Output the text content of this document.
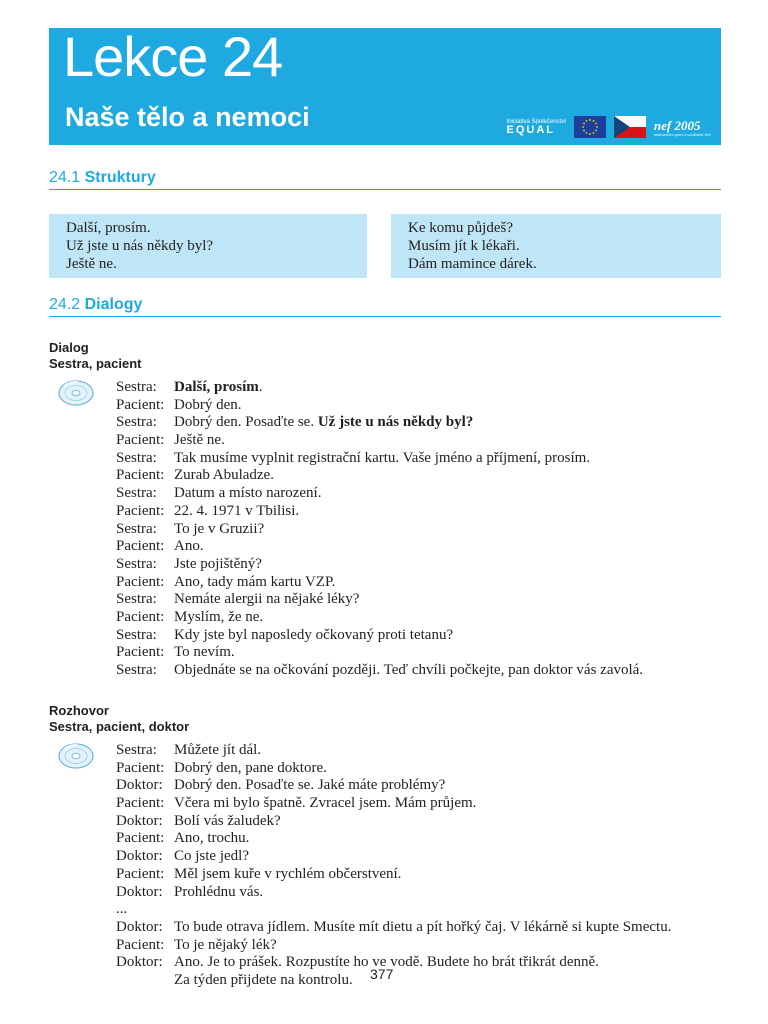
Lekce 24
Naše tělo a nemoci	Iniciativa Společenství
EQUAL	nef 2005
ministerstvo práce a sociálních věcí
24.1 Struktury
Další, prosím.
Už jste u nás někdy byl?
Ještě ne.
Ke komu půjdeš?
Musím jít k lékaři.
Dám mamince dárek.
24.2 Dialogy
Dialog
Sestra, pacient
Sestra:	Další, prosím.
Pacient: Dobrý den.
Sestra:	Dobrý den. Posaďte se. Už jste u nás někdy byl?
Pacient: Ještě ne.
Sestra:	Tak musíme vyplnit registrační kartu. Vaše jméno a příjmení, prosím.
Pacient: Zurab Abuladze.
Sestra:	Datum a místo narození.
Pacient: 22. 4. 1971 v Tbilisi.
Sestra:	To je v Gruzii?
Pacient: Ano.
Sestra:	Jste pojištěný?
Pacient: Ano, tady mám kartu VZP.
Sestra:	Nemáte alergii na nějaké léky?
Pacient: Myslím, že ne.
Sestra:	Kdy jste byl naposledy očkovaný proti tetanu?
Pacient: To nevím.
Sestra:	Objednáte se na očkování později. Teď chvíli počkejte, pan doktor vás zavolá.
Rozhovor
Sestra, pacient, doktor
Sestra:	Můžete jít dál.
Pacient: Dobrý den, pane doktore.
Doktor: Dobrý den. Posaďte se. Jaké máte problémy?
Pacient: Včera mi bylo špatně. Zvracel jsem. Mám průjem.
Doktor: Bolí vás žaludek?
Pacient: Ano, trochu.
Doktor: Co jste jedl?
Pacient: Měl jsem kuře v rychlém občerstvení.
Doktor: Prohlédnu vás.
...
Doktor: To bude otrava jídlem. Musíte mít dietu a pít hořký čaj. V lékárně si kupte Smectu.
Pacient: To je nějaký lék?
Doktor: Ano. Je to prášek. Rozpustíte ho ve vodě. Budete ho brát třikrát denně.
Za týden přijdete na kontrolu. 377
